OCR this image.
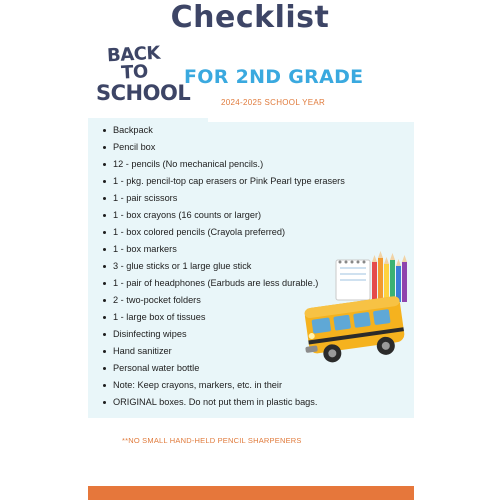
Checklist
BACK TO
SCHOOL
FOR 2ND GRADE
2024-2025 SCHOOL YEAR
Backpack
Pencil box
12 - pencils (No mechanical pencils.)
1 - pkg. pencil-top cap erasers or Pink Pearl type erasers
1 - pair scissors
1 - box crayons (16 counts or larger)
1 - box colored pencils (Crayola preferred)
1 - box markers
3 - glue sticks or 1 large glue stick
1 - pair of headphones (Earbuds are less durable.)
2 - two-pocket folders
1 - large box of tissues
Disinfecting wipes
Hand sanitizer
Personal water bottle
Note: Keep crayons, markers, etc. in their
ORIGINAL boxes. Do not put them in plastic bags.
**NO SMALL HAND-HELD PENCIL SHARPENERS
